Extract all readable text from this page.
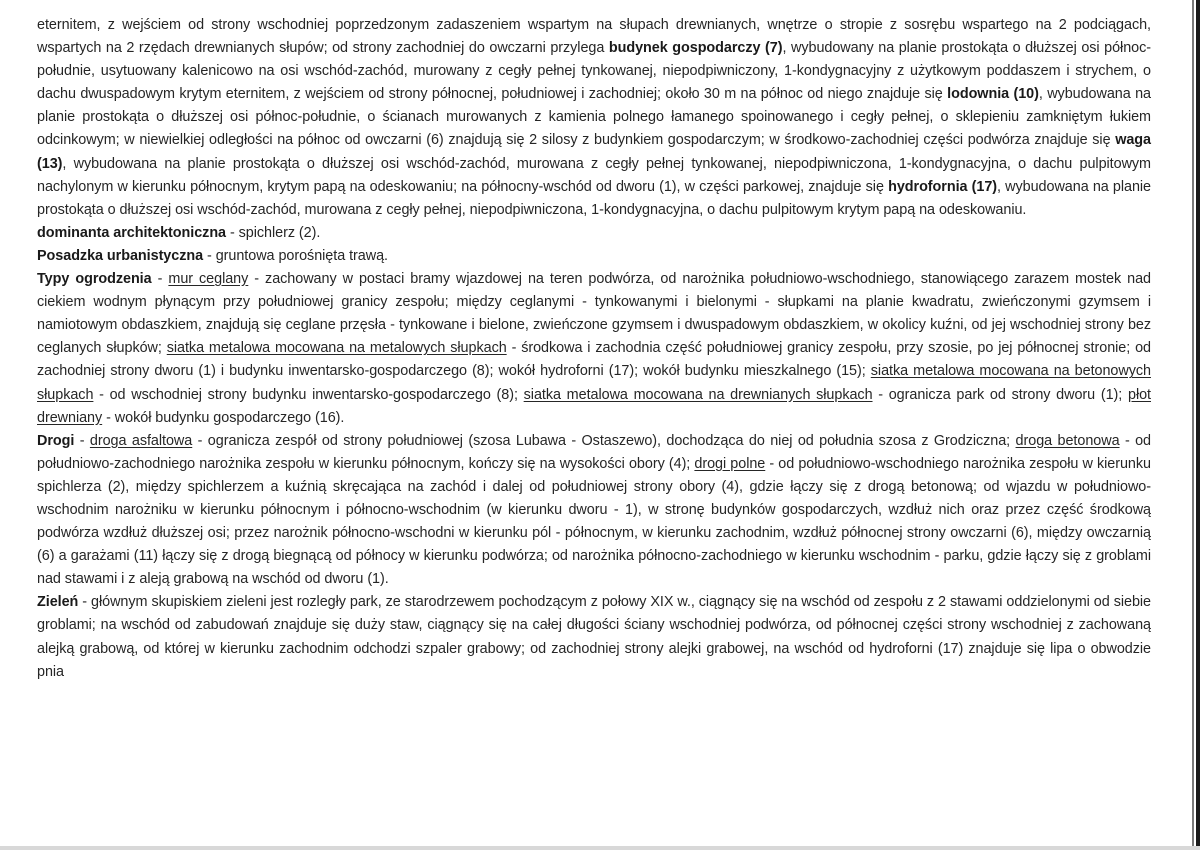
eternitem, z wejściem od strony wschodniej poprzedzonym zadaszeniem wspartym na słupach drewnianych, wnętrze o stropie z sosrębu wspartego na 2 podciągach, wspartych na 2 rzędach drewnianych słupów; od strony zachodniej do owczarni przylega budynek gospodarczy (7), wybudowany na planie prostokąta o dłuższej osi północ-południe, usytuowany kalenicowo na osi wschód-zachód, murowany z cegły pełnej tynkowanej, niepodpiwniczony, 1-kondygnacyjny z użytkowym poddaszem i strychem, o dachu dwuspadowym krytym eternitem, z wejściem od strony północnej, południowej i zachodniej; około 30 m na północ od niego znajduje się lodownia (10), wybudowana na planie prostokąta o dłuższej osi północ-południe, o ścianach murowanych z kamienia polnego łamanego spoinowanego i cegły pełnej, o sklepieniu zamkniętym łukiem odcinkowym; w niewielkiej odległości na północ od owczarni (6) znajdują się 2 silosy z budynkiem gospodarczym; w środkowo-zachodniej części podwórza znajduje się waga (13), wybudowana na planie prostokąta o dłuższej osi wschód-zachód, murowana z cegły pełnej tynkowanej, niepodpiwniczona, 1-kondygnacyjna, o dachu pulpitowym nachylonym w kierunku północnym, krytym papą na odeskowaniu; na północny-wschód od dworu (1), w części parkowej, znajduje się hydrofornia (17), wybudowana na planie prostokąta o dłuższej osi wschód-zachód, murowana z cegły pełnej, niepodpiwniczona, 1-kondygnacyjna, o dachu pulpitowym krytym papą na odeskowaniu.

dominanta architektoniczna - spichlerz (2).

Posadzka urbanistyczna - gruntowa porośnięta trawą.

Typy ogrodzenia - mur ceglany - zachowany w postaci bramy wjazdowej na teren podwórza, od narożnika południowo-wschodniego, stanowiącego zarazem mostek nad ciekiem wodnym płynącym przy południowej granicy zespołu; między ceglanymi - tynkowanymi i bielonymi - słupkami na planie kwadratu, zwieńczonymi gzymsem i namiotowym obdaszkiem, znajdują się ceglane przęsła - tynkowane i bielone, zwieńczone gzymsem i dwuspadowym obdaszkiem, w okolicy kuźni, od jej wschodniej strony bez ceglanych słupków; siatka metalowa mocowana na metalowych słupkach - środkowa i zachodnia część południowej granicy zespołu, przy szosie, po jej północnej stronie; od zachodniej strony dworu (1) i budynku inwentarsko-gospodarczego (8); wokół hydroforni (17); wokół budynku mieszkalnego (15); siatka metalowa mocowana na betonowych słupkach - od wschodniej strony budynku inwentarsko-gospodarczego (8); siatka metalowa mocowana na drewnianych słupkach - ogranicza park od strony dworu (1); płot drewniany - wokół budynku gospodarczego (16).

Drogi - droga asfaltowa - ogranicza zespół od strony południowej (szosa Lubawa - Ostaszewo), dochodząca do niej od południa szosa z Grodziczna; droga betonowa - od południowo-zachodniego narożnika zespołu w kierunku północnym, kończy się na wysokości obory (4); drogi polne - od południowo-wschodniego narożnika zespołu w kierunku spichlerza (2), między spichlerzem a kuźnią skręcająca na zachód i dalej od południowej strony obory (4), gdzie łączy się z drogą betonową; od wjazdu w południowo-wschodnim narożniku w kierunku północnym i północno-wschodnim (w kierunku dworu - 1), w stronę budynków gospodarczych, wzdłuż nich oraz przez część środkową podwórza wzdłuż dłuższej osi; przez narożnik północno-wschodni w kierunku pól - północnym, w kierunku zachodnim, wzdłuż północnej strony owczarni (6), między owczarnią (6) a garażami (11) łączy się z drogą biegnącą od północy w kierunku podwórza; od narożnika północno-zachodniego w kierunku wschodnim - parku, gdzie łączy się z groblami nad stawami i z aleją grabową na wschód od dworu (1).

Zieleń - głównym skupiskiem zieleni jest rozległy park, ze starodrzewem pochodzącym z połowy XIX w., ciągnący się na wschód od zespołu z 2 stawami oddzielonymi od siebie groblami; na wschód od zabudowań znajduje się duży staw, ciągnący się na całej długości ściany wschodniej podwórza, od północnej części strony wschodniej z zachowaną alejką grabową, od której w kierunku zachodnim odchodzi szpaler grabowy; od zachodniej strony alejki grabowej, na wschód od hydroforni (17) znajduje się lipa o obwodzie pnia
